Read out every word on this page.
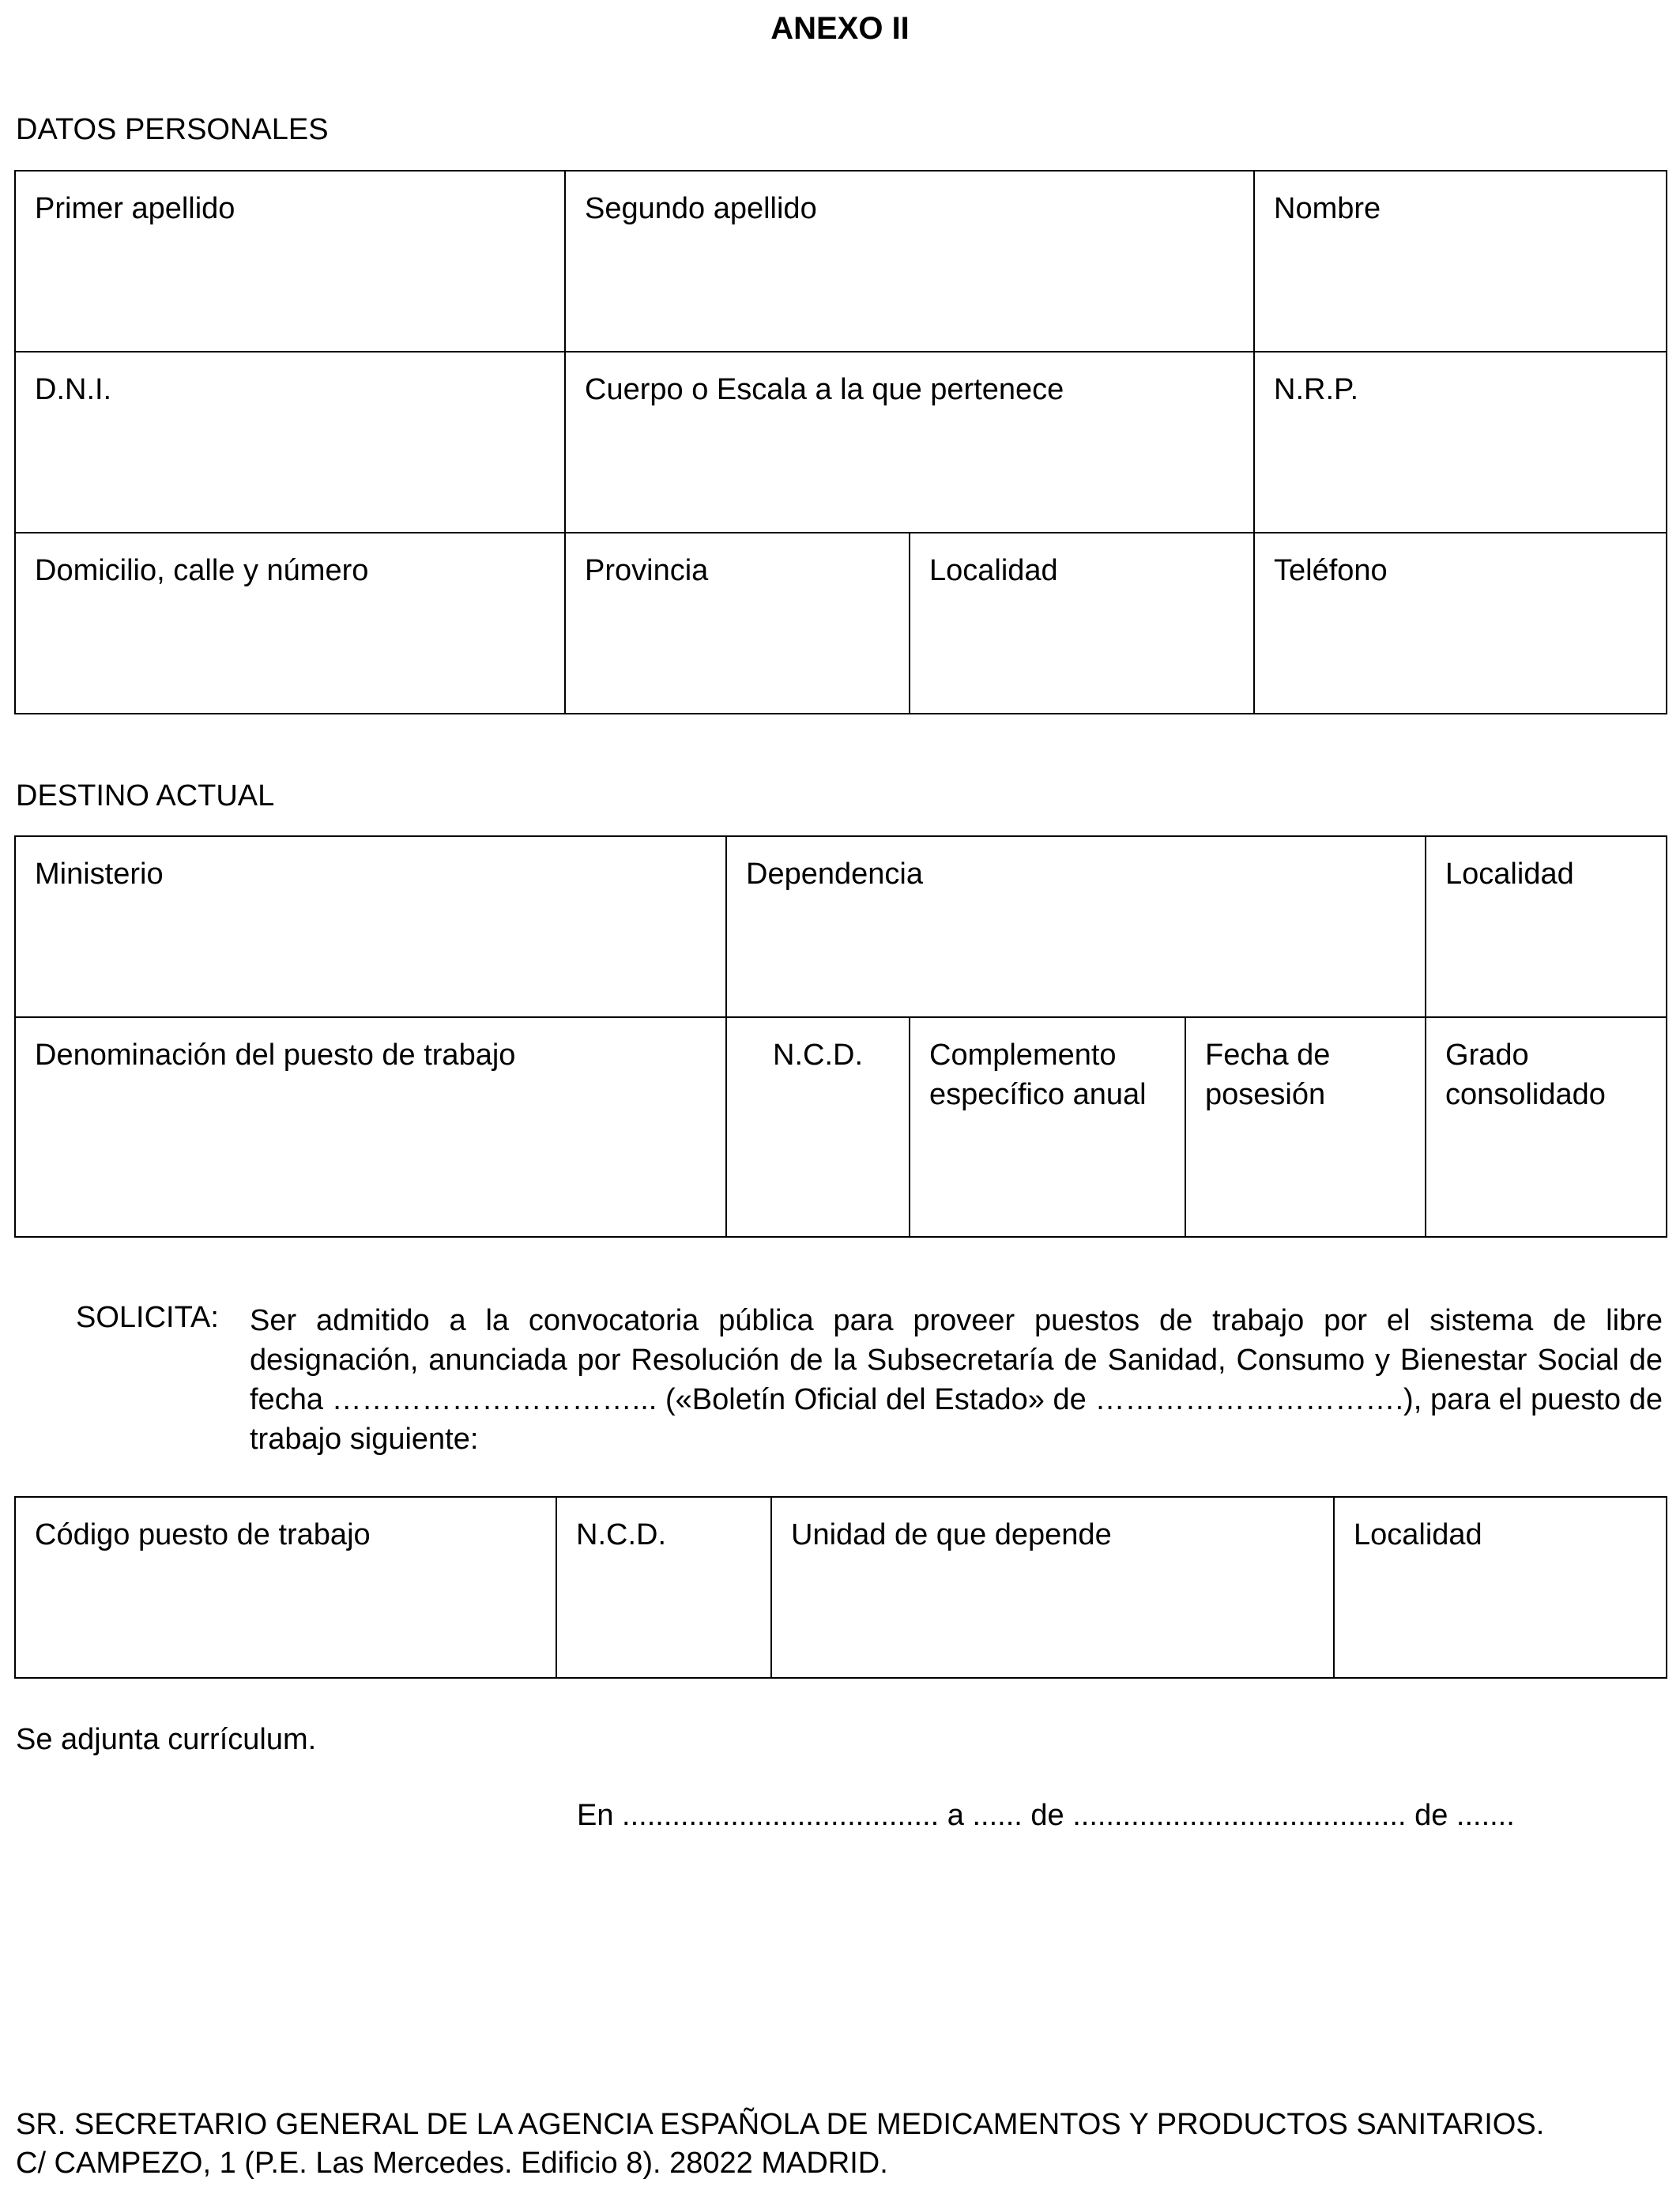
ANEXO II
DATOS PERSONALES
Primer apellido	Segundo apellido		Nombre
D.N.I.	Cuerpo o Escala a la que pertenece		N.R.P.
Domicilio, calle y número	Provincia	Localidad	Teléfono
DESTINO ACTUAL
Ministerio	Dependencia			Localidad
Denominación del puesto de trabajo	N.C.D.	Complemento específico anual	Fecha de posesión	Grado consolidado
SOLICITA: Ser admitido a la convocatoria pública para proveer puestos de trabajo por el sistema de libre designación, anunciada por Resolución de la Subsecretaría de Sanidad, Consumo y Bienestar Social de fecha …………………………... («Boletín Oficial del Estado» de ………………………….), para el puesto de trabajo siguiente:
Código puesto de trabajo	N.C.D.	Unidad de que depende	Localidad
Se adjunta currículum.
En ...................................... a ...... de ........................................ de .......
SR. SECRETARIO GENERAL DE LA AGENCIA ESPAÑOLA DE MEDICAMENTOS Y PRODUCTOS SANITARIOS.
C/ CAMPEZO, 1 (P.E. Las Mercedes. Edificio 8). 28022 MADRID.
